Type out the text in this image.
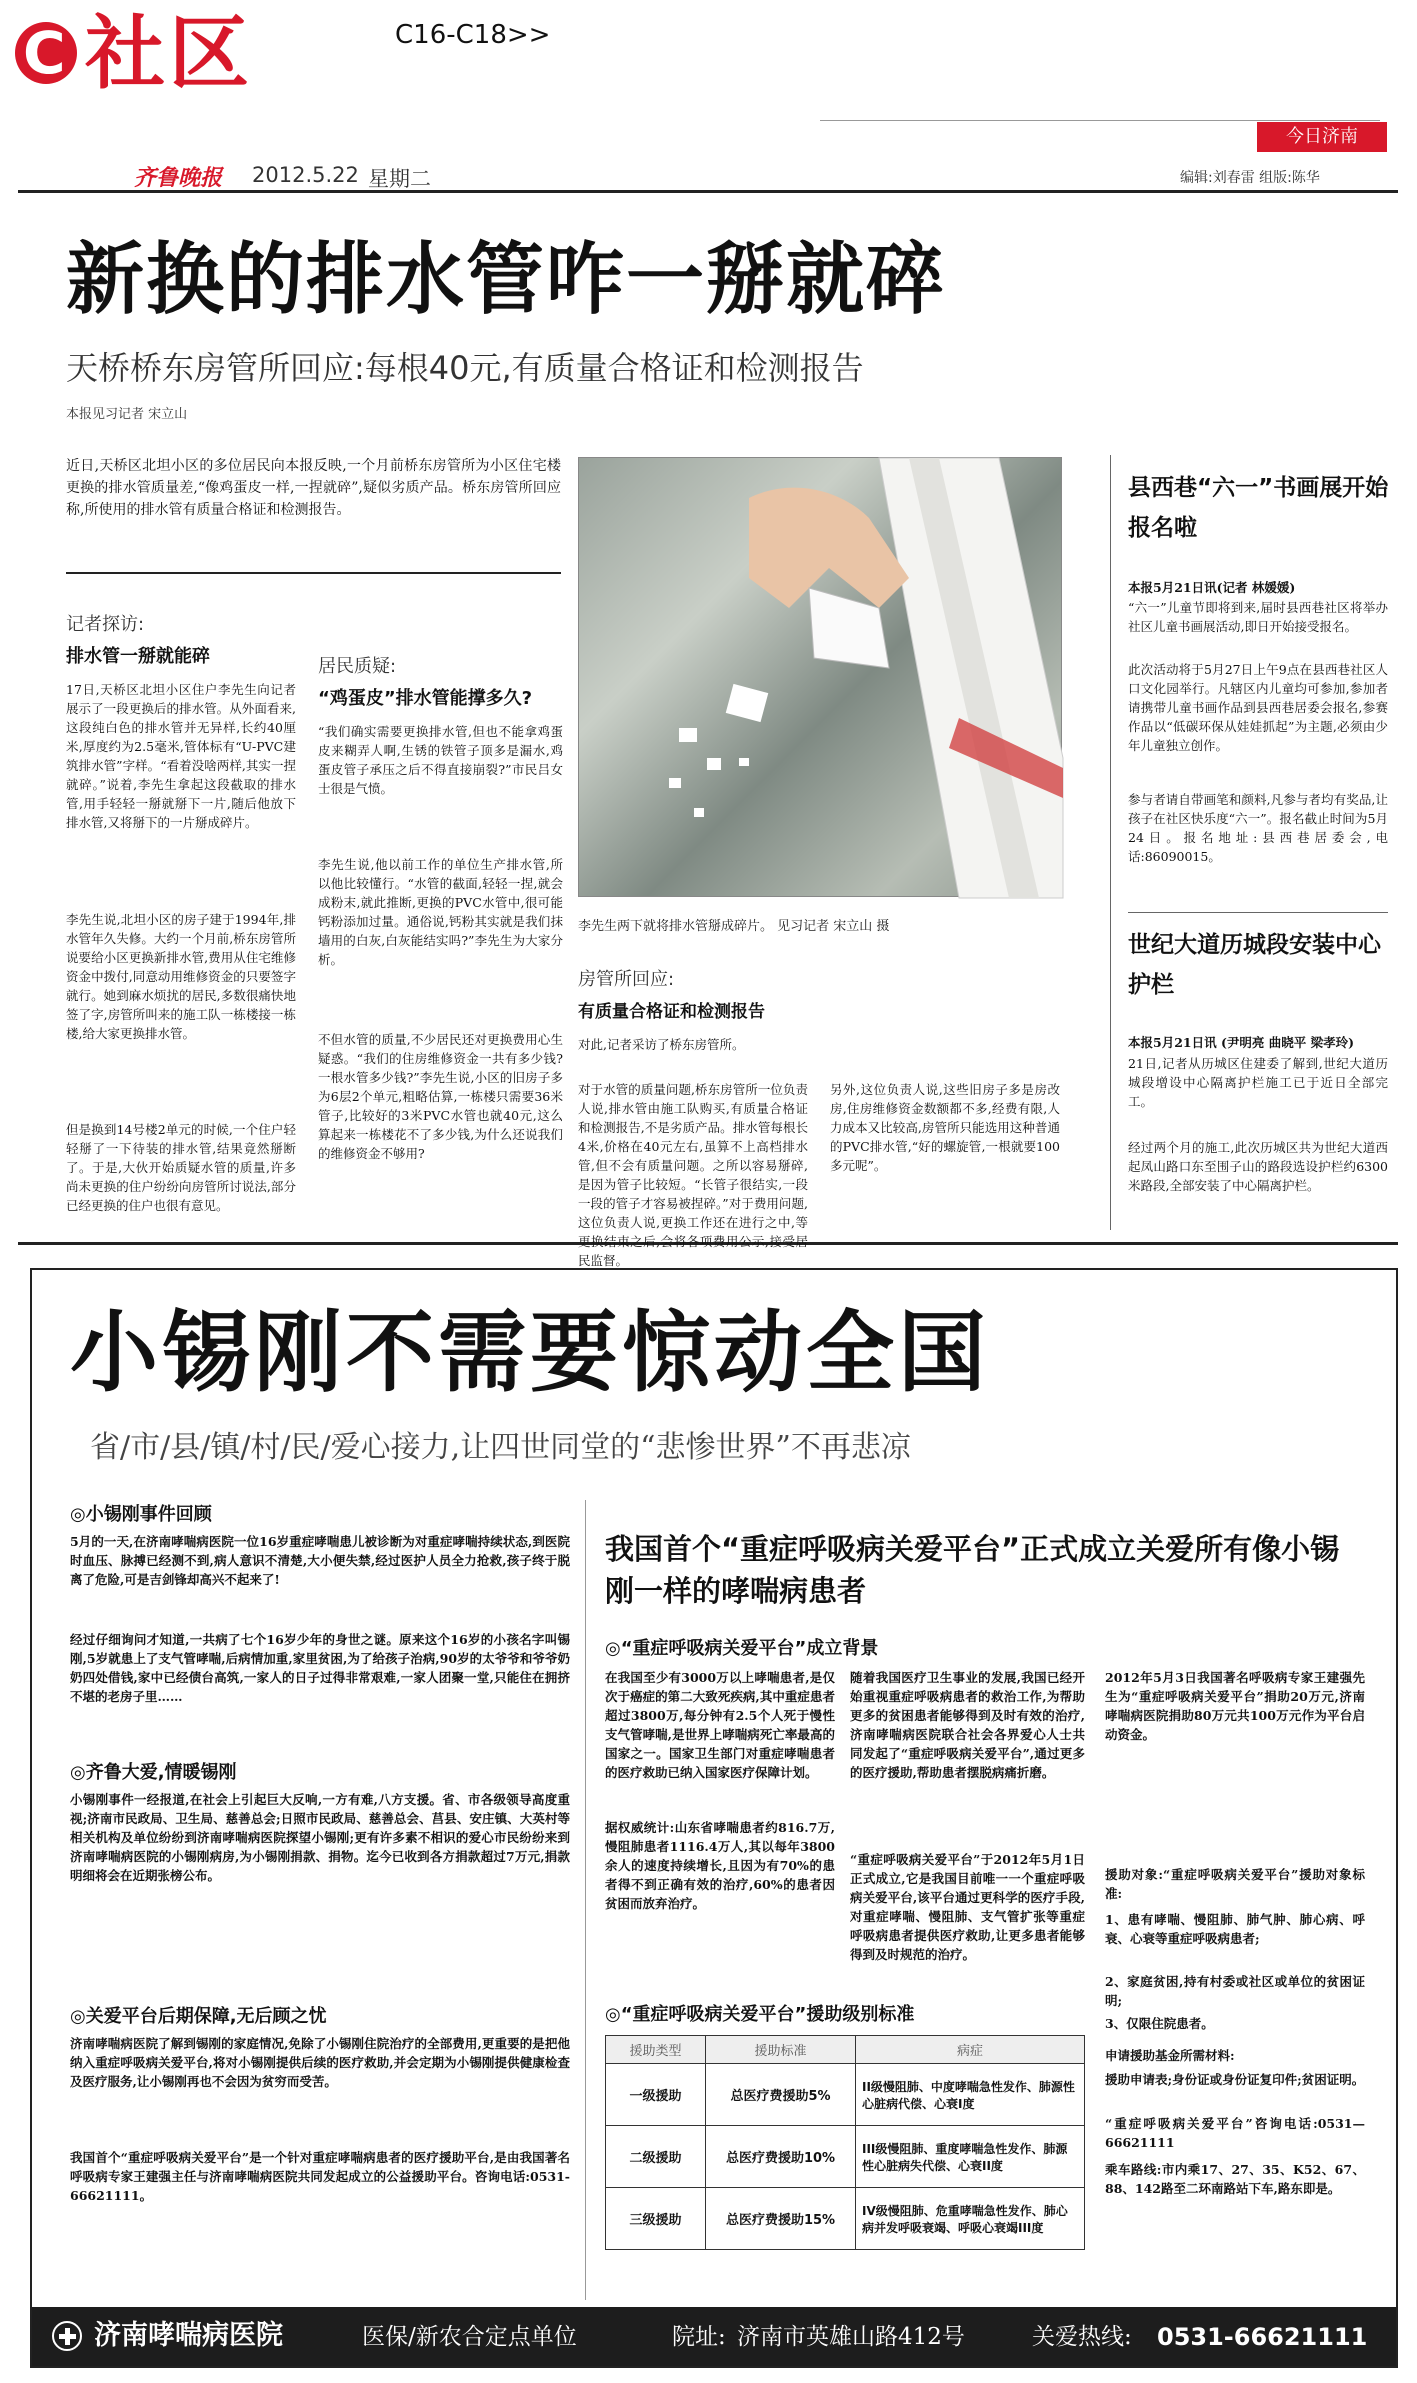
C 社区	C16-C18>>
今日济南
齐鲁晚报 2012.5.22 星期二	编辑:刘春雷 组版:陈华
新换的排水管咋一掰就碎
天桥桥东房管所回应:每根40元,有质量合格证和检测报告
本报见习记者 宋立山
近日,天桥区北坦小区的多位居民向本报反映,一个月前桥东房管所为小区住宅楼更换的排水管质量差,“像鸡蛋皮一样,一捏就碎”,疑似劣质产品。桥东房管所回应称,所使用的排水管有质量合格证和检测报告。
记者探访:
排水管一掰就能碎
17日,天桥区北坦小区住户李先生向记者展示了一段更换后的排水管。从外面看来,这段纯白色的排水管并无异样,长约40厘米,厚度约为2.5毫米,管体标有“U-PVC建筑排水管”字样。“看着没啥两样,其实一捏就碎。”说着,李先生拿起这段截取的排水管,用手轻轻一掰就掰下一片,随后他放下排水管,又将掰下的一片掰成碎片。
李先生说,北坦小区的房子建于1994年,排水管年久失修。大约一个月前,桥东房管所说要给小区更换新排水管,费用从住宅维修资金中拨付,同意动用维修资金的只要签字就行。她到麻水烦扰的居民,多数很痛快地签了字,房管所叫来的施工队一栋楼接一栋楼,给大家更换排水管。
但是换到14号楼2单元的时候,一个住户轻轻掰了一下待装的排水管,结果竟然掰断了。于是,大伙开始质疑水管的质量,许多尚未更换的住户纷纷向房管所讨说法,部分已经更换的住户也很有意见。
居民质疑:
“鸡蛋皮”排水管能撑多久?
“我们确实需要更换排水管,但也不能拿鸡蛋皮来糊弄人啊,生锈的铁管子顶多是漏水,鸡蛋皮管子承压之后不得直接崩裂?”市民吕女士很是气愤。
李先生说,他以前工作的单位生产排水管,所以他比较懂行。“水管的截面,轻轻一捏,就会成粉末,就此推断,更换的PVC水管中,很可能钙粉添加过量。通俗说,钙粉其实就是我们抹墙用的白灰,白灰能结实吗?”李先生为大家分析。
不但水管的质量,不少居民还对更换费用心生疑惑。“我们的住房维修资金一共有多少钱?一根水管多少钱?”李先生说,小区的旧房子多为6层2个单元,粗略估算,一栋楼只需要36米管子,比较好的3米PVC水管也就40元,这么算起来一栋楼花不了多少钱,为什么还说我们的维修资金不够用?
李先生两下就将排水管掰成碎片。 见习记者 宋立山 摄
房管所回应:
有质量合格证和检测报告
对此,记者采访了桥东房管所。
对于水管的质量问题,桥东房管所一位负责人说,排水管由施工队购买,有质量合格证和检测报告,不是劣质产品。排水管每根长4米,价格在40元左右,虽算不上高档排水管,但不会有质量问题。之所以容易掰碎,是因为管子比较短。“长管子很结实,一段一段的管子才容易被捏碎。”对于费用问题,这位负责人说,更换工作还在进行之中,等更换结束之后,会将各项费用公示,接受居民监督。
另外,这位负责人说,这些旧房子多是房改房,住房维修资金数额都不多,经费有限,人力成本又比较高,房管所只能选用这种普通的PVC排水管,“好的螺旋管,一根就要100多元呢”。
县西巷“六一”书画展开始报名啦
本报5月21日讯(记者 林媛媛)
“六一”儿童节即将到来,届时县西巷社区将举办社区儿童书画展活动,即日开始接受报名。
此次活动将于5月27日上午9点在县西巷社区人口文化园举行。凡辖区内儿童均可参加,参加者请携带儿童书画作品到县西巷居委会报名,参赛作品以“低碳环保从娃娃抓起”为主题,必须由少年儿童独立创作。
参与者请自带画笔和颜料,凡参与者均有奖品,让孩子在社区快乐度“六一”。报名截止时间为5月24日。报名地址:县西巷居委会,电话:86090015。
世纪大道历城段安装中心护栏
本报5月21日讯 (尹明亮 曲晓平 梁孝玲)
21日,记者从历城区住建委了解到,世纪大道历城段增设中心隔离护栏施工已于近日全部完工。
经过两个月的施工,此次历城区共为世纪大道西起凤山路口东至围子山的路段选设护栏约6300米路段,全部安装了中心隔离护栏。
小锡刚不需要惊动全国
省/市/县/镇/村/民/爱心接力,让四世同堂的“悲惨世界”不再悲凉
◎小锡刚事件回顾
5月的一天,在济南哮喘病医院一位16岁重症哮喘患儿被诊断为对重症哮喘持续状态,到医院时血压、脉搏已经测不到,病人意识不清楚,大小便失禁,经过医护人员全力抢救,孩子终于脱离了危险,可是吉剑锋却高兴不起来了!
经过仔细询问才知道,一共病了七个16岁少年的身世之谜。原来这个16岁的小孩名字叫锡刚,5岁就患上了支气管哮喘,后病情加重,家里贫困,为了给孩子治病,90岁的太爷爷和爷爷奶奶四处借钱,家中已经债台高筑,一家人的日子过得非常艰难,一家人团聚一堂,只能住在拥挤不堪的老房子里……
◎齐鲁大爱,情暖锡刚
小锡刚事件一经报道,在社会上引起巨大反响,一方有难,八方支援。省、市各级领导高度重视;济南市民政局、卫生局、慈善总会;日照市民政局、慈善总会、莒县、安庄镇、大英村等相关机构及单位纷纷到济南哮喘病医院探望小锡刚;更有许多素不相识的爱心市民纷纷来到济南哮喘病医院的小锡刚病房,为小锡刚捐款、捐物。迄今已收到各方捐款超过7万元,捐款明细将会在近期张榜公布。
◎关爱平台后期保障,无后顾之忧
济南哮喘病医院了解到锡刚的家庭情况,免除了小锡刚住院治疗的全部费用,更重要的是把他纳入重症呼吸病关爱平台,将对小锡刚提供后续的医疗救助,并会定期为小锡刚提供健康检查及医疗服务,让小锡刚再也不会因为贫穷而受苦。
我国首个“重症呼吸病关爱平台”是一个针对重症哮喘病患者的医疗援助平台,是由我国著名呼吸病专家王建强主任与济南哮喘病医院共同发起成立的公益援助平台。咨询电话:0531-66621111。
我国首个“重症呼吸病关爱平台”正式成立关爱所有像小锡刚一样的哮喘病患者
◎“重症呼吸病关爱平台”成立背景
在我国至少有3000万以上哮喘患者,是仅次于癌症的第二大致死疾病,其中重症患者超过3800万,每分钟有2.5个人死于慢性支气管哮喘,是世界上哮喘病死亡率最高的国家之一。国家卫生部门对重症哮喘患者的医疗救助已纳入国家医疗保障计划。
据权威统计:山东省哮喘患者约816.7万,慢阻肺患者1116.4万人,其以每年3800余人的速度持续增长,且因为有70%的患者得不到正确有效的治疗,60%的患者因贫困而放弃治疗。
随着我国医疗卫生事业的发展,我国已经开始重视重症呼吸病患者的救治工作,为帮助更多的贫困患者能够得到及时有效的治疗,济南哮喘病医院联合社会各界爱心人士共同发起了“重症呼吸病关爱平台”,通过更多的医疗援助,帮助患者摆脱病痛折磨。
“重症呼吸病关爱平台”于2012年5月1日正式成立,它是我国目前唯一一个重症呼吸病关爱平台,该平台通过更科学的医疗手段,对重症哮喘、慢阻肺、支气管扩张等重症呼吸病患者提供医疗救助,让更多患者能够得到及时规范的治疗。
2012年5月3日我国著名呼吸病专家王建强先生为“重症呼吸病关爱平台”捐助20万元,济南哮喘病医院捐助80万元共100万元作为平台启动资金。
◎“重症呼吸病关爱平台”援助级别标准
援助类型	援助标准	病症
一级援助	总医疗费援助5%	II级慢阻肺、中度哮喘急性发作、肺源性心脏病代偿、心衰I度
二级援助	总医疗费援助10%	III级慢阻肺、重度哮喘急性发作、肺源性心脏病失代偿、心衰II度
三级援助	总医疗费援助15%	IV级慢阻肺、危重哮喘急性发作、肺心病并发呼吸衰竭、呼吸心衰竭III度
援助对象:“重症呼吸病关爱平台”援助对象标准:
1、患有哮喘、慢阻肺、肺气肿、肺心病、呼衰、心衰等重症呼吸病患者;
2、家庭贫困,持有村委或社区或单位的贫困证明;
3、仅限住院患者。
申请援助基金所需材料:
援助申请表;身份证或身份证复印件;贫困证明。
“重症呼吸病关爱平台”咨询电话:0531—66621111
乘车路线:市内乘17、27、35、K52、67、88、142路至二环南路站下车,路东即是。
济南哮喘病医院	医保/新农合定点单位	院址: 济南市英雄山路412号	关爱热线: 0531-66621111
